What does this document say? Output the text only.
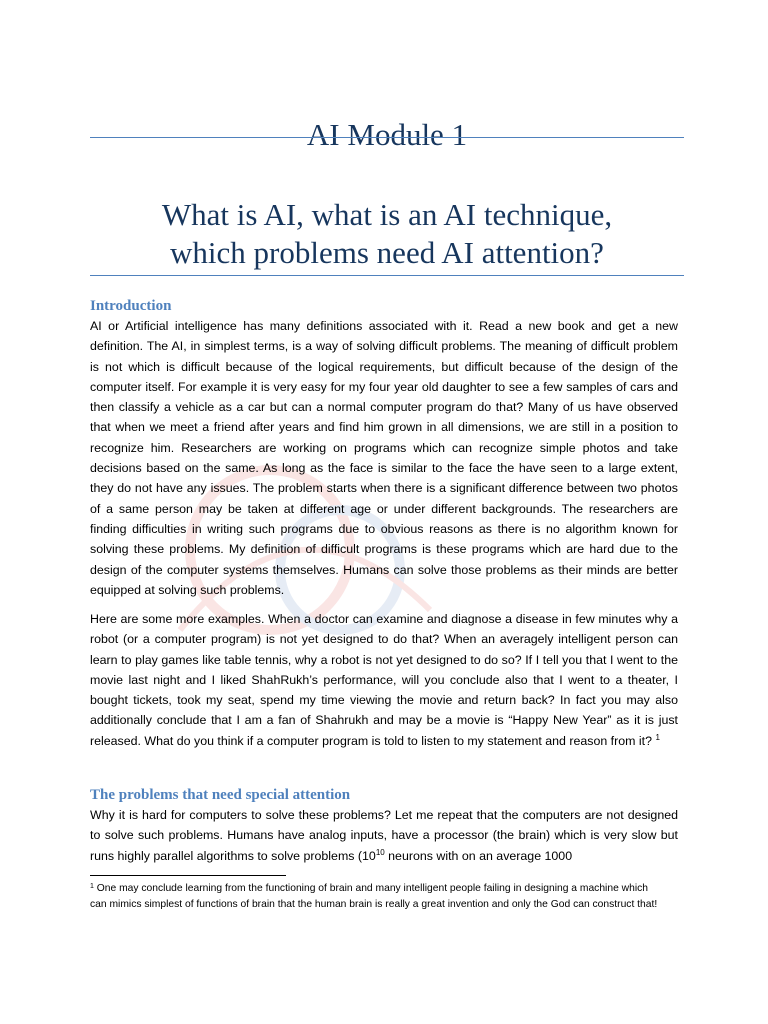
AI Module 1
What is AI, what is an AI technique,
which problems need AI attention?
Introduction

AI or Artificial intelligence has many definitions associated with it. Read a new book and get a new definition. The AI, in simplest terms, is a way of solving difficult problems. The meaning of difficult problem is not which is difficult because of the logical requirements, but difficult because of the design of the computer itself. For example it is very easy for my four year old daughter to see a few samples of cars and then classify a vehicle as a car but can a normal computer program do that? Many of us have observed that when we meet a friend after years and find him grown in all dimensions, we are still in a position to recognize him. Researchers are working on programs which can recognize simple photos and take decisions based on the same. As long as the face is similar to the face the have seen to a large extent, they do not have any issues. The problem starts when there is a significant difference between two photos of a same person may be taken at different age or under different backgrounds. The researchers are finding difficulties in writing such programs due to obvious reasons as there is no algorithm known for solving these problems. My definition of difficult programs is these programs which are hard due to the design of the computer systems themselves. Humans can solve those problems as their minds are better equipped at solving such problems.

Here are some more examples. When a doctor can examine and diagnose a disease in few minutes why a robot (or a computer program) is not yet designed to do that? When an averagely intelligent person can learn to play games like table tennis, why a robot is not yet designed to do so? If I tell you that I went to the movie last night and I liked ShahRukh’s performance, will you conclude also that I went to a theater, I bought tickets, took my seat, spend my time viewing the movie and return back? In fact you may also additionally conclude that I am a fan of Shahrukh and may be a movie is “Happy New Year” as it is just released. What do you think if a computer program is told to listen to my statement and reason from it? $^1$

The problems that need special attention

Why it is hard for computers to solve these problems? Let me repeat that the computers are not designed to solve such problems. Humans have analog inputs, have a processor (the brain) which is very slow but runs highly parallel algorithms to solve problems ($10^{10}$ neurons with on an average 1000

$^1$ One may conclude learning from the functioning of brain and many intelligent people failing in designing a machine which can mimics simplest of functions of brain that the human brain is really a great invention and only the God can construct that!
